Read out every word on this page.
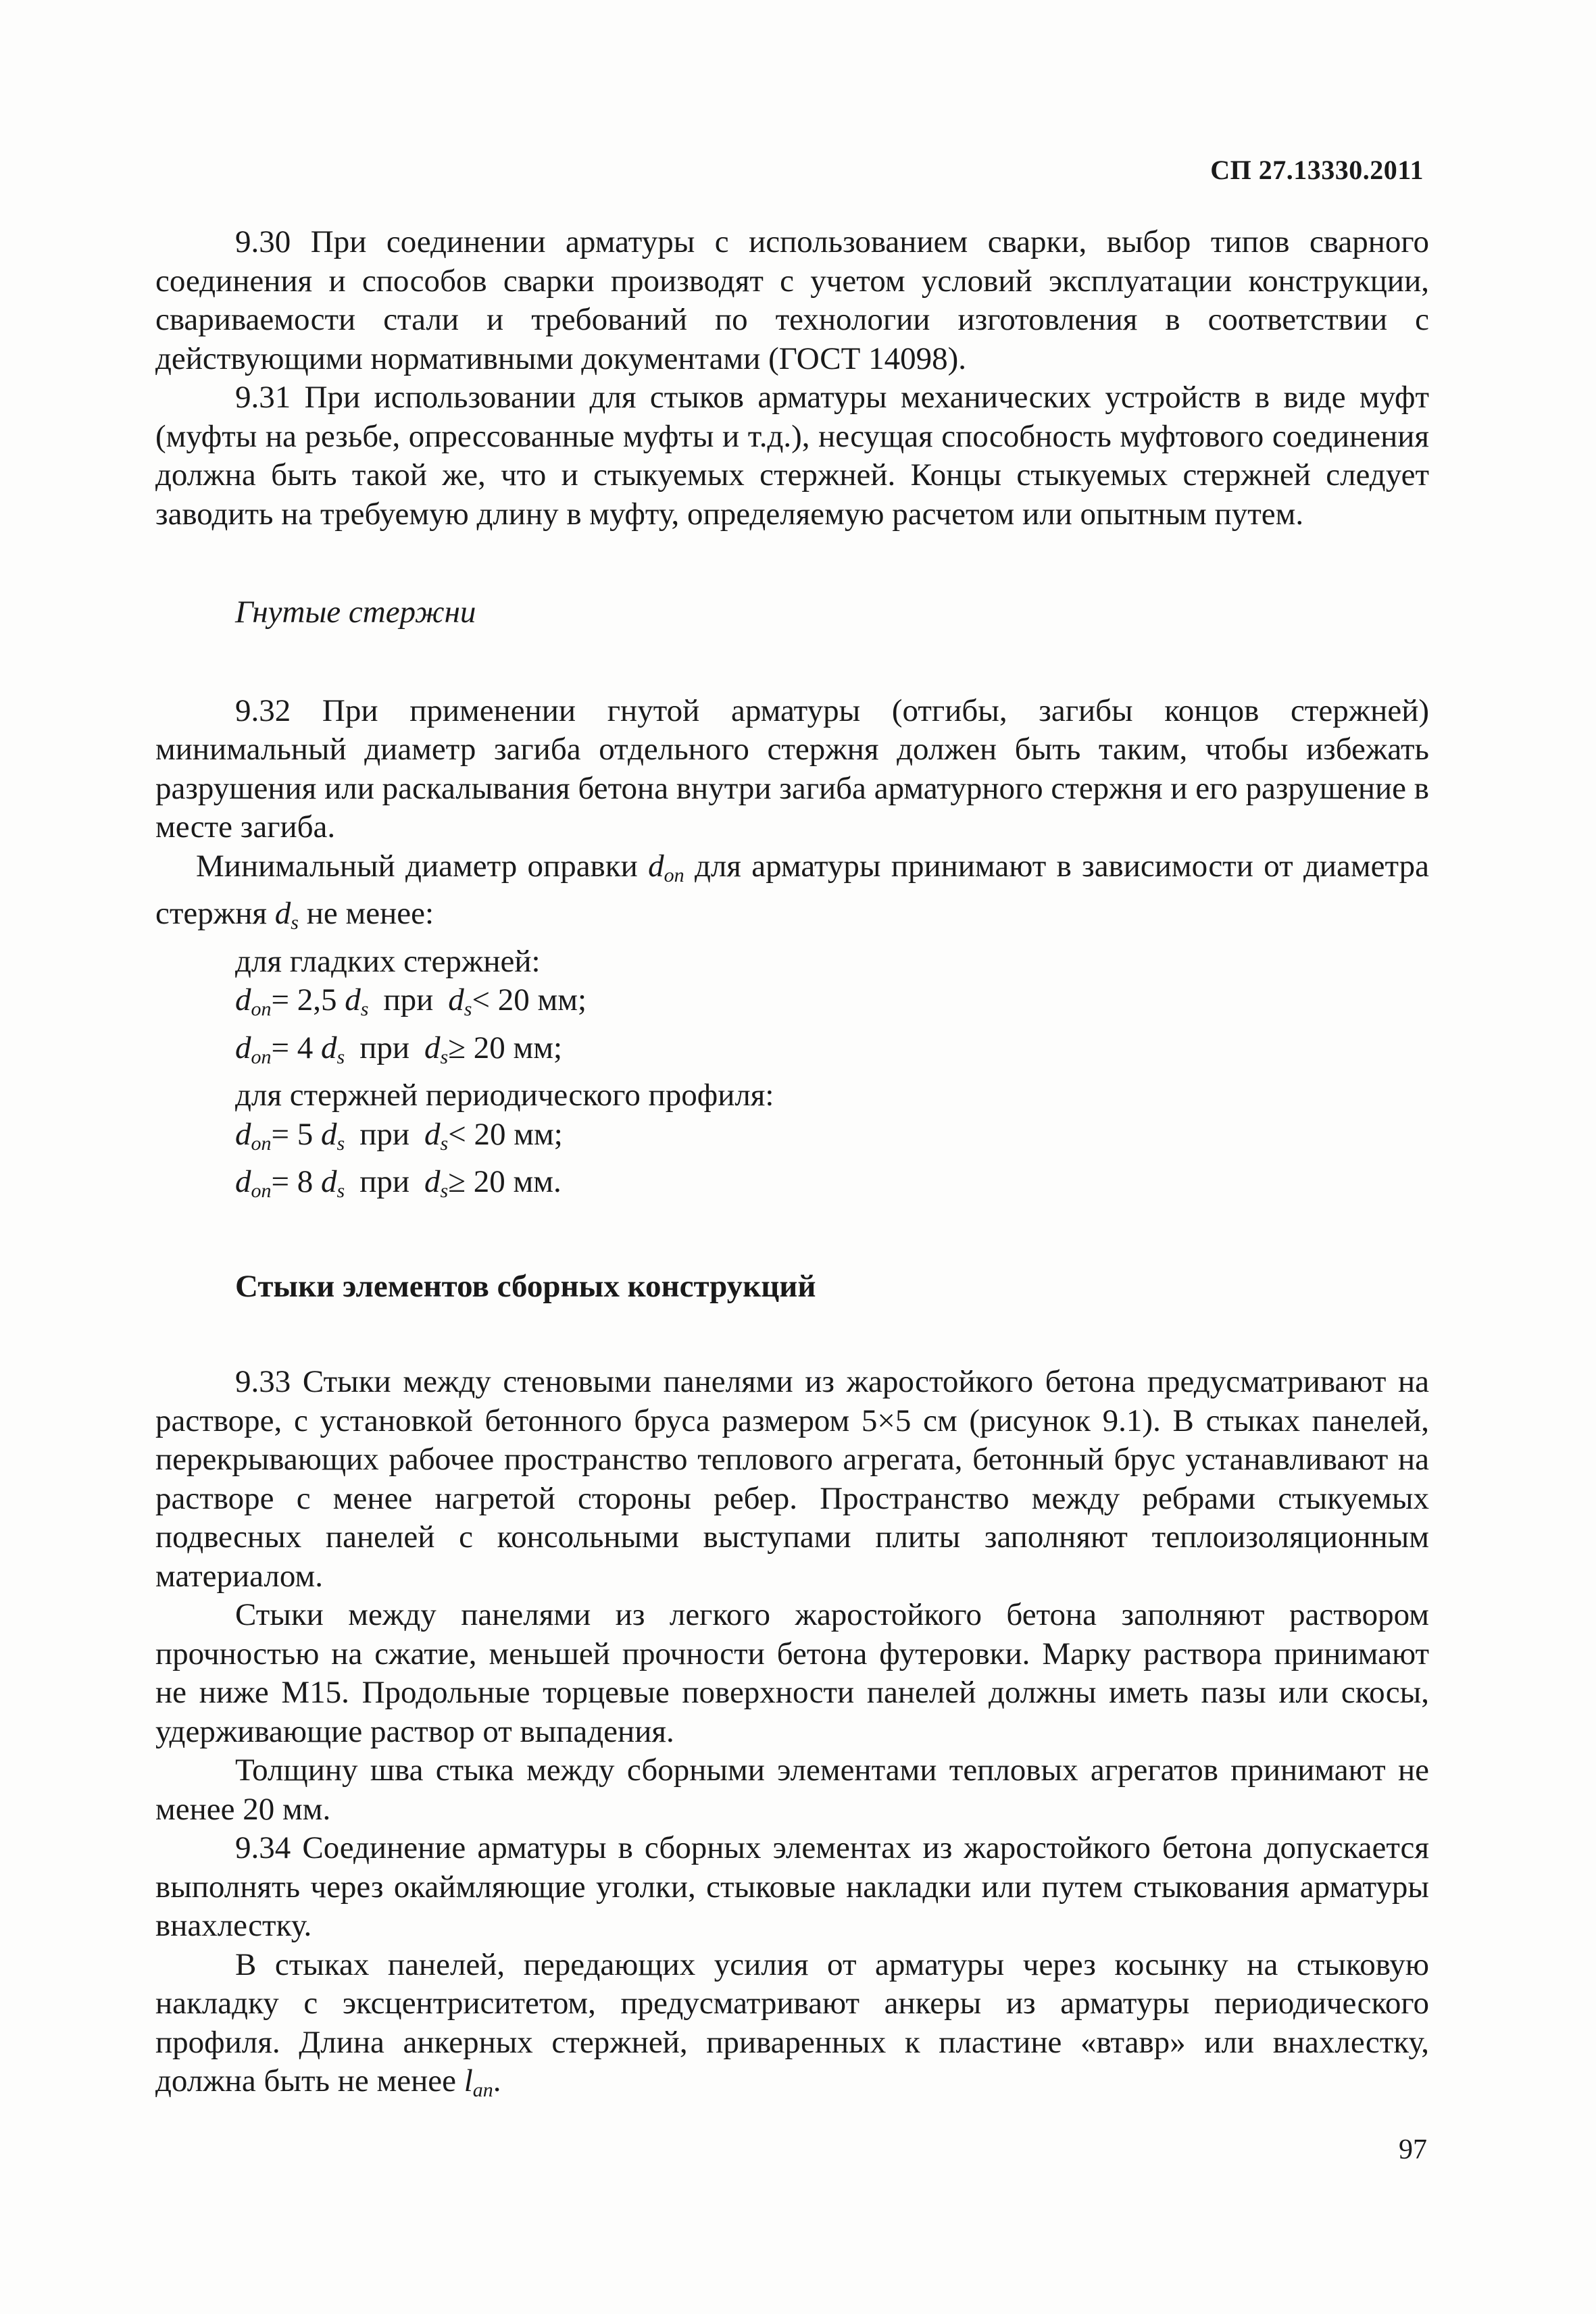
СП 27.13330.2011

9.30 При соединении арматуры с использованием сварки, выбор типов сварного соединения и способов сварки производят с учетом условий эксплуатации конструкции, свариваемости стали и требований по технологии изготовления в соответствии с действующими нормативными документами (ГОСТ 14098).

9.31 При использовании для стыков арматуры механических устройств в виде муфт (муфты на резьбе, опрессованные муфты и т.д.), несущая способность муфтового соединения должна быть такой же, что и стыкуемых стержней. Концы стыкуемых стержней следует заводить на требуемую длину в муфту, определяемую расчетом или опытным путем.

Гнутые стержни

9.32 При применении гнутой арматуры (отгибы, загибы концов стержней) минимальный диаметр загиба отдельного стержня должен быть таким, чтобы избежать разрушения или раскалывания бетона внутри загиба арматурного стержня и его разрушение в месте загиба.

Минимальный диаметр оправки $d_{on}$ для арматуры принимают в зависимости от диаметра стержня $d_s$ не менее:

для гладких стержней:

$d_{on}= 2,5$ $d_s$ при $d_s< 20$ мм;

$d_{on}= 4$ $d_s$ при $d_s\ge 20$ мм;

для стержней периодического профиля:

$d_{on}= 5$ $d_s$ при $d_s< 20$ мм;

$d_{on}= 8$ $d_s$ при $d_s\ge 20$ мм.

Стыки элементов сборных конструкций

9.33 Стыки между стеновыми панелями из жаростойкого бетона предусматривают на растворе, с установкой бетонного бруса размером 5×5 см (рисунок 9.1). В стыках панелей, перекрывающих рабочее пространство теплового агрегата, бетонный брус устанавливают на растворе с менее нагретой стороны ребер. Пространство между ребрами стыкуемых подвесных панелей с консольными выступами плиты заполняют теплоизоляционным материалом.

Стыки между панелями из легкого жаростойкого бетона заполняют раствором прочностью на сжатие, меньшей прочности бетона футеровки. Марку раствора принимают не ниже М15. Продольные торцевые поверхности панелей должны иметь пазы или скосы, удерживающие раствор от выпадения.

Толщину шва стыка между сборными элементами тепловых агрегатов принимают не менее 20 мм.

9.34 Соединение арматуры в сборных элементах из жаростойкого бетона допускается выполнять через окаймляющие уголки, стыковые накладки или путем стыкования арматуры внахлестку.

В стыках панелей, передающих усилия от арматуры через косынку на стыковую накладку с эксцентриситетом, предусматривают анкеры из арматуры периодического профиля. Длина анкерных стержней, приваренных к пластине «втавр» или внахлестку, должна быть не менее $l_{an}$.

97
